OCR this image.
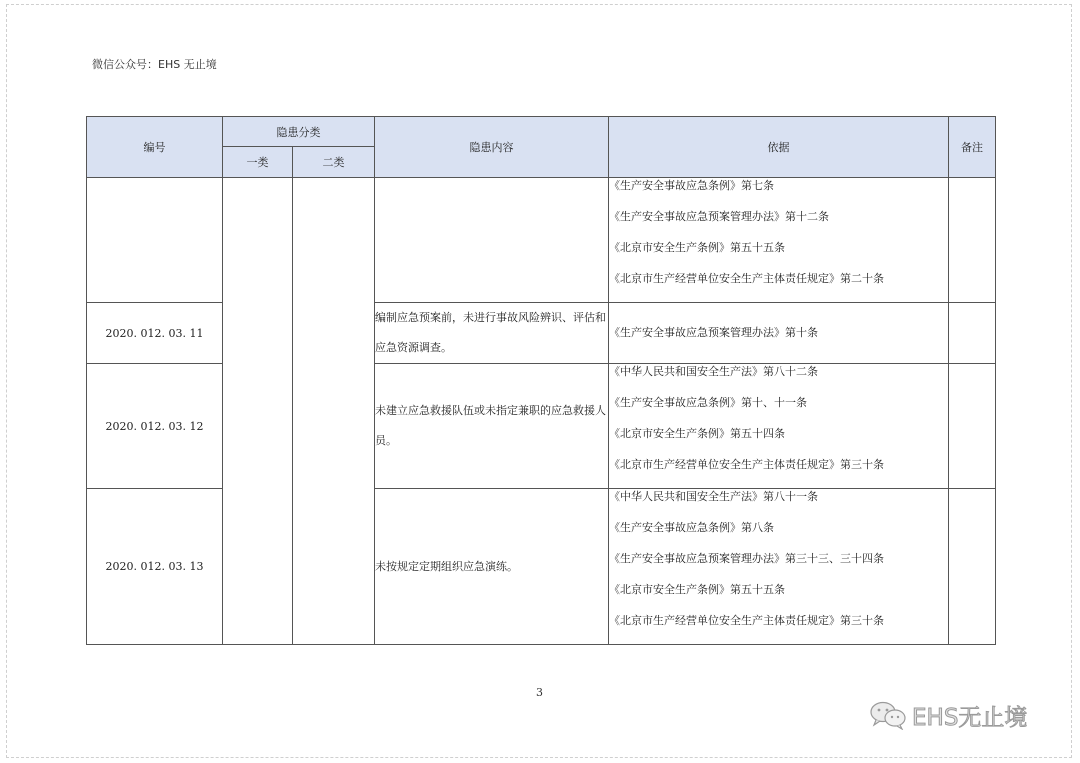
微信公众号：EHS 无止境
编号	隐患分类		隐患内容	依据	备注
	一类	二类			

				《生产安全事故应急条例》第七条
《生产安全事故应急预案管理办法》第十二条
《北京市安全生产条例》第五十五条
《北京市生产经营单位安全生产主体责任规定》第二十条	

2020. 012. 03. 11			编制应急预案前，未进行事故风险辨识、评估和应急资源调查。	《生产安全事故应急预案管理办法》第十条	

2020. 012. 03. 12			未建立应急救援队伍或未指定兼职的应急救援人员。	《中华人民共和国安全生产法》第八十二条
《生产安全事故应急条例》第十、十一条
《北京市安全生产条例》第五十四条
《北京市生产经营单位安全生产主体责任规定》第三十条	

2020. 012. 03. 13			未按规定定期组织应急演练。	《中华人民共和国安全生产法》第八十一条
《生产安全事故应急条例》第八条
《生产安全事故应急预案管理办法》第三十三、三十四条
《北京市安全生产条例》第五十五条
《北京市生产经营单位安全生产主体责任规定》第三十条	

3
EHS无止境
